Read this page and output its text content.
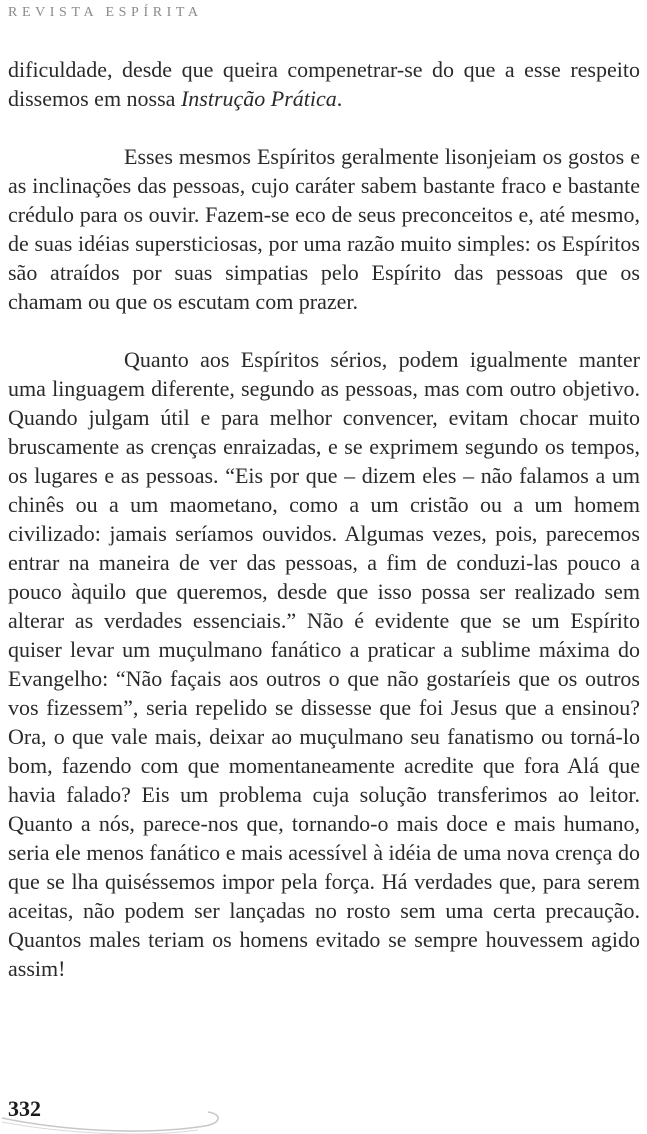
REVISTA ESPÍRITA

dificuldade, desde que queira compenetrar-se do que a esse respeito dissemos em nossa Instrução Prática.

Esses mesmos Espíritos geralmente lisonjeiam os gostos e as inclinações das pessoas, cujo caráter sabem bastante fraco e bastante crédulo para os ouvir. Fazem-se eco de seus preconceitos e, até mesmo, de suas idéias supersticiosas, por uma razão muito simples: os Espíritos são atraídos por suas simpatias pelo Espírito das pessoas que os chamam ou que os escutam com prazer.

Quanto aos Espíritos sérios, podem igualmente manter uma linguagem diferente, segundo as pessoas, mas com outro objetivo. Quando julgam útil e para melhor convencer, evitam chocar muito bruscamente as crenças enraizadas, e se exprimem segundo os tempos, os lugares e as pessoas. “Eis por que – dizem eles – não falamos a um chinês ou a um maometano, como a um cristão ou a um homem civilizado: jamais seríamos ouvidos. Algumas vezes, pois, parecemos entrar na maneira de ver das pessoas, a fim de conduzi-las pouco a pouco àquilo que queremos, desde que isso possa ser realizado sem alterar as verdades essenciais.” Não é evidente que se um Espírito quiser levar um muçulmano fanático a praticar a sublime máxima do Evangelho: “Não façais aos outros o que não gostaríeis que os outros vos fizessem”, seria repelido se dissesse que foi Jesus que a ensinou? Ora, o que vale mais, deixar ao muçulmano seu fanatismo ou torná-lo bom, fazendo com que momentaneamente acredite que fora Alá que havia falado? Eis um problema cuja solução transferimos ao leitor. Quanto a nós, parece-nos que, tornando-o mais doce e mais humano, seria ele menos fanático e mais acessível à idéia de uma nova crença do que se lha quiséssemos impor pela força. Há verdades que, para serem aceitas, não podem ser lançadas no rosto sem uma certa precaução. Quantos males teriam os homens evitado se sempre houvessem agido assim!

332
